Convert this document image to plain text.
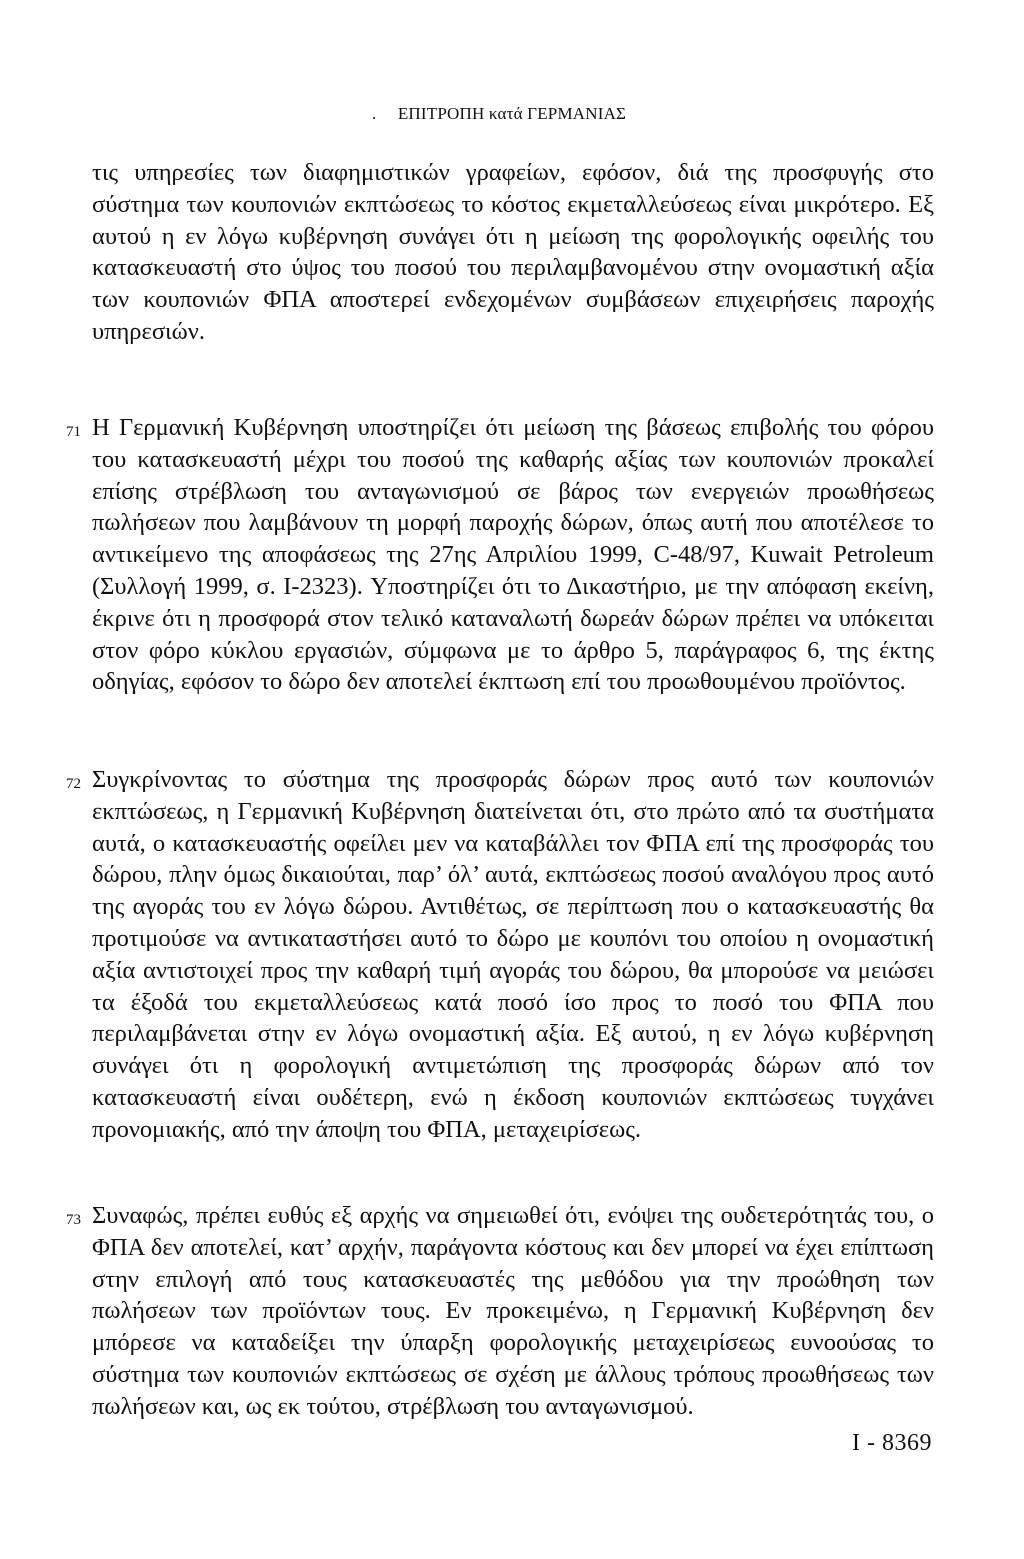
. ΕΠΙΤΡΟΠΗ κατά ΓΕΡΜΑΝΙΑΣ

τις υπηρεσίες των διαφημιστικών γραφείων, εφόσον, διά της προσφυγής στο σύστημα των κουπονιών εκπτώσεως το κόστος εκμεταλλεύσεως είναι μικρότερο. Εξ αυτού η εν λόγω κυβέρνηση συνάγει ότι η μείωση της φορολογικής οφειλής του κατασκευαστή στο ύψος του ποσού του περιλαμβανομένου στην ονομαστική αξία των κουπονιών ΦΠΑ αποστερεί ενδεχομένων συμβάσεων επιχειρήσεις παροχής υπηρεσιών.

71 Η Γερμανική Κυβέρνηση υποστηρίζει ότι μείωση της βάσεως επιβολής του φόρου του κατασκευαστή μέχρι του ποσού της καθαρής αξίας των κουπονιών προκαλεί επίσης στρέβλωση του ανταγωνισμού σε βάρος των ενεργειών προωθήσεως πωλήσεων που λαμβάνουν τη μορφή παροχής δώρων, όπως αυτή που αποτέλεσε το αντικείμενο της αποφάσεως της 27ης Απριλίου 1999, C-48/97, Kuwait Petroleum (Συλλογή 1999, σ. I-2323). Υποστηρίζει ότι το Δικαστήριο, με την απόφαση εκείνη, έκρινε ότι η προσφορά στον τελικό καταναλωτή δωρεάν δώρων πρέπει να υπόκειται στον φόρο κύκλου εργασιών, σύμφωνα με το άρθρο 5, παράγραφος 6, της έκτης οδηγίας, εφόσον το δώρο δεν αποτελεί έκπτωση επί του προωθουμένου προϊόντος.

72 Συγκρίνοντας το σύστημα της προσφοράς δώρων προς αυτό των κουπονιών εκπτώσεως, η Γερμανική Κυβέρνηση διατείνεται ότι, στο πρώτο από τα συστήματα αυτά, ο κατασκευαστής οφείλει μεν να καταβάλλει τον ΦΠΑ επί της προσφοράς του δώρου, πλην όμως δικαιούται, παρ’ όλ’ αυτά, εκπτώσεως ποσού αναλόγου προς αυτό της αγοράς του εν λόγω δώρου. Αντιθέτως, σε περίπτωση που ο κατασκευαστής θα προτιμούσε να αντικαταστήσει αυτό το δώρο με κουπόνι του οποίου η ονομαστική αξία αντιστοιχεί προς την καθαρή τιμή αγοράς του δώρου, θα μπορούσε να μειώσει τα έξοδά του εκμεταλλεύσεως κατά ποσό ίσο προς το ποσό του ΦΠΑ που περιλαμβάνεται στην εν λόγω ονομαστική αξία. Εξ αυτού, η εν λόγω κυβέρνηση συνάγει ότι η φορολογική αντιμετώπιση της προσφοράς δώρων από τον κατασκευαστή είναι ουδέτερη, ενώ η έκδοση κουπονιών εκπτώσεως τυγχάνει προνομιακής, από την άποψη του ΦΠΑ, μεταχειρίσεως.

73 Συναφώς, πρέπει ευθύς εξ αρχής να σημειωθεί ότι, ενόψει της ουδετερότητάς του, ο ΦΠΑ δεν αποτελεί, κατ’ αρχήν, παράγοντα κόστους και δεν μπορεί να έχει επίπτωση στην επιλογή από τους κατασκευαστές της μεθόδου για την προώθηση των πωλήσεων των προϊόντων τους. Εν προκειμένω, η Γερμανική Κυβέρνηση δεν μπόρεσε να καταδείξει την ύπαρξη φορολογικής μεταχειρίσεως ευνοούσας το σύστημα των κουπονιών εκπτώσεως σε σχέση με άλλους τρόπους προωθήσεως των πωλήσεων και, ως εκ τούτου, στρέβλωση του ανταγωνισμού.

I - 8369
